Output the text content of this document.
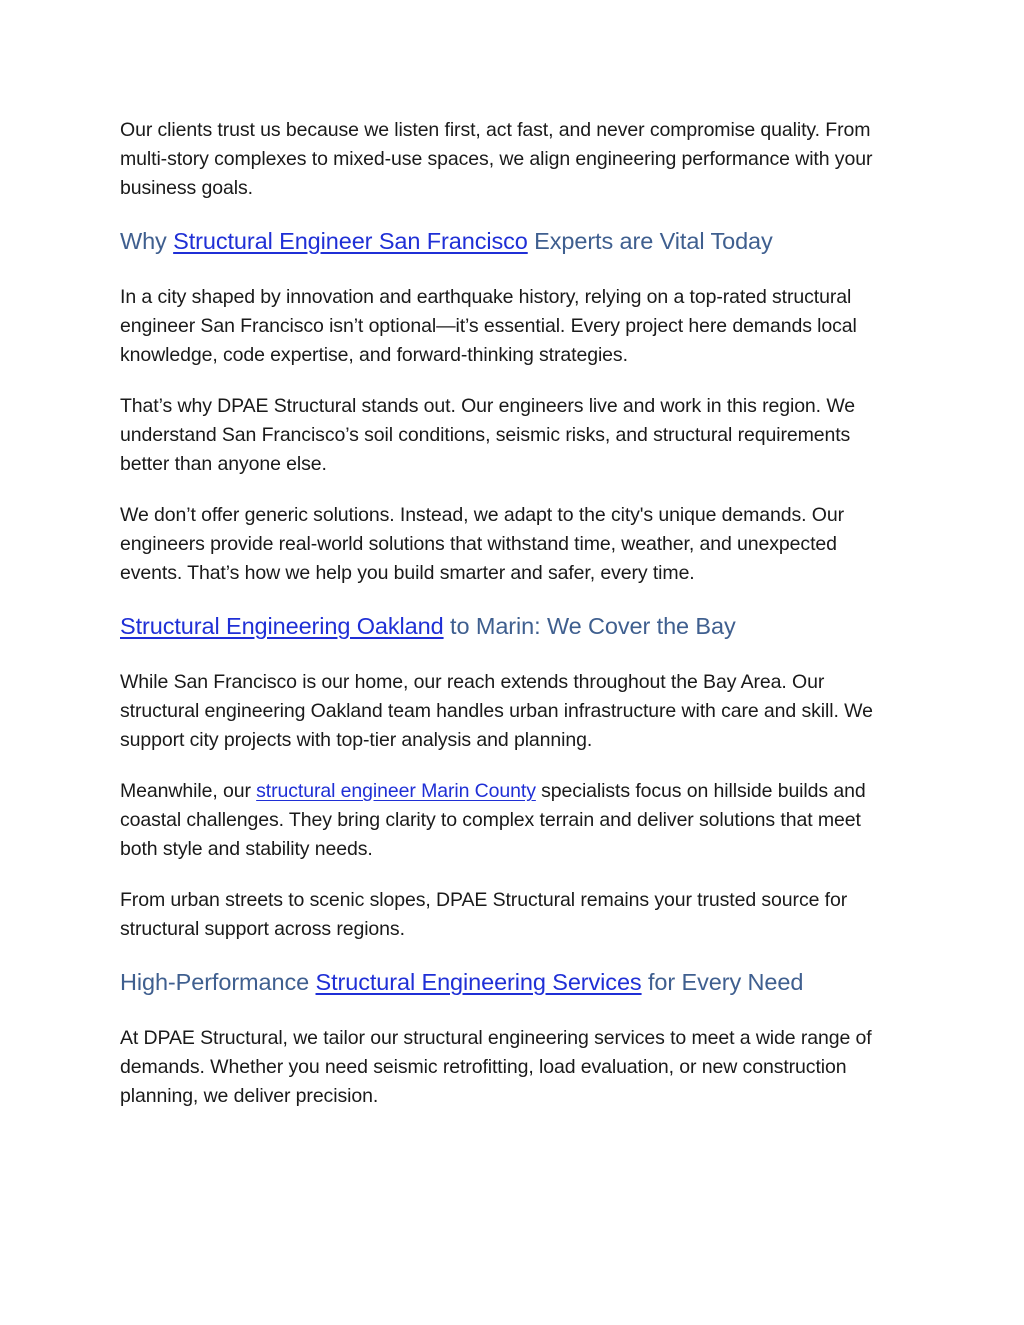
Our clients trust us because we listen first, act fast, and never compromise quality. From multi-story complexes to mixed-use spaces, we align engineering performance with your business goals.

Why Structural Engineer San Francisco Experts are Vital Today

In a city shaped by innovation and earthquake history, relying on a top-rated structural engineer San Francisco isn’t optional—it’s essential. Every project here demands local knowledge, code expertise, and forward-thinking strategies.

That’s why DPAE Structural stands out. Our engineers live and work in this region. We understand San Francisco’s soil conditions, seismic risks, and structural requirements better than anyone else.

We don’t offer generic solutions. Instead, we adapt to the city's unique demands. Our engineers provide real-world solutions that withstand time, weather, and unexpected events. That’s how we help you build smarter and safer, every time.

Structural Engineering Oakland to Marin: We Cover the Bay

While San Francisco is our home, our reach extends throughout the Bay Area. Our structural engineering Oakland team handles urban infrastructure with care and skill. We support city projects with top-tier analysis and planning.

Meanwhile, our structural engineer Marin County specialists focus on hillside builds and coastal challenges. They bring clarity to complex terrain and deliver solutions that meet both style and stability needs.

From urban streets to scenic slopes, DPAE Structural remains your trusted source for structural support across regions.

High-Performance Structural Engineering Services for Every Need

At DPAE Structural, we tailor our structural engineering services to meet a wide range of demands. Whether you need seismic retrofitting, load evaluation, or new construction planning, we deliver precision.
